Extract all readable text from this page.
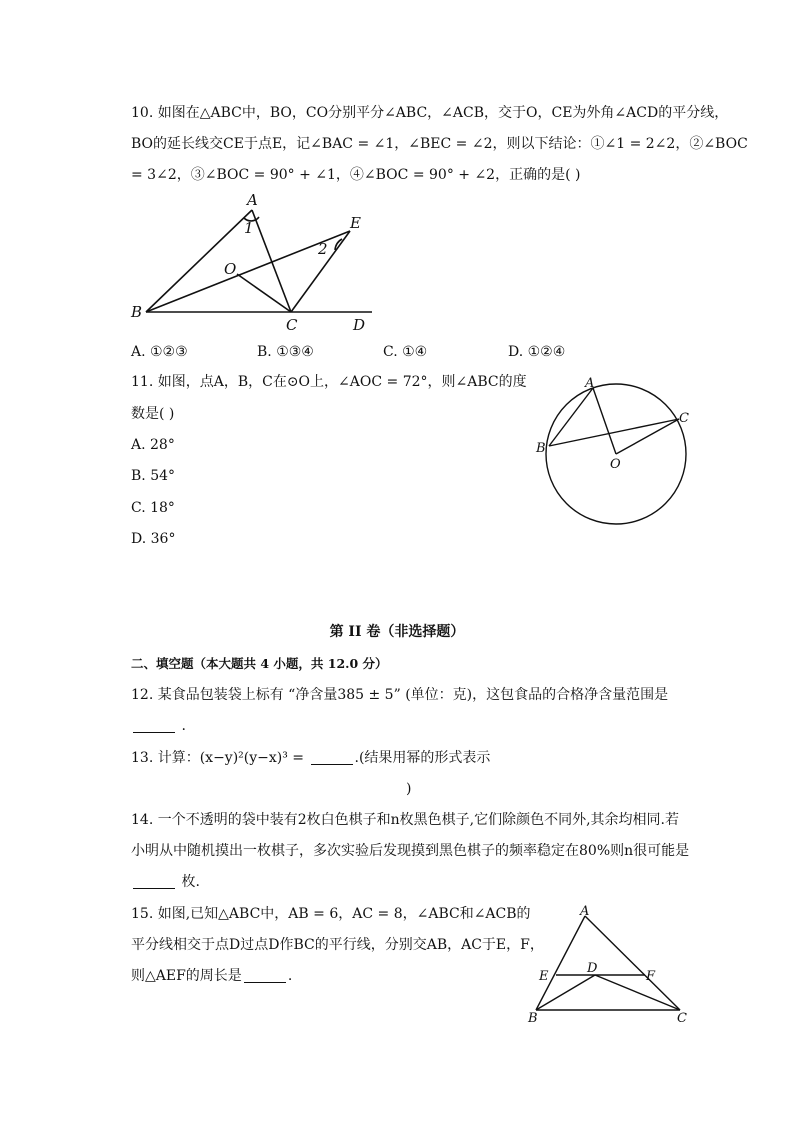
10. 如图在△ABC中，BO，CO分别平分∠ABC，∠ACB，交于O，CE为外角∠ACD的平分线，
BO的延长线交CE于点E，记∠BAC = ∠1，∠BEC = ∠2，则以下结论：①∠1 = 2∠2，②∠BOC
= 3∠2，③∠BOC = 90° + ∠1，④∠BOC = 90° + ∠2，正确的是( )
A
B
C	D
E
O
1
2
A. ①②③	B. ①③④	C. ①④	D. ①②④
11. 如图，点A，B，C在⊙O上，∠AOC = 72°，则∠ABC的度
数是( )
A. 28°
B. 54°
C. 18°
D. 36°
A
B
C
O
第 II 卷（非选择题）
二、填空题（本大题共 4 小题，共 12.0 分）
12. 某食品包装袋上标有 “净含量385 ± 5” (单位：克)，这包食品的合格净含量范围是
.
13. 计算：(x−y)²(y−x)³ =	.(结果用幂的形式表示
)
14. 一个不透明的袋中装有2枚白色棋子和n枚黑色棋子,它们除颜色不同外,其余均相同.若
小明从中随机摸出一枚棋子，多次实验后发现摸到黑色棋子的频率稳定在80%则n很可能是
枚.
15. 如图,已知△ABC中，AB = 6，AC = 8，∠ABC和∠ACB的
平分线相交于点D过点D作BC的平行线，分别交AB，AC于E，F，
则△AEF的周长是	.
A
B	C
D
E	F
